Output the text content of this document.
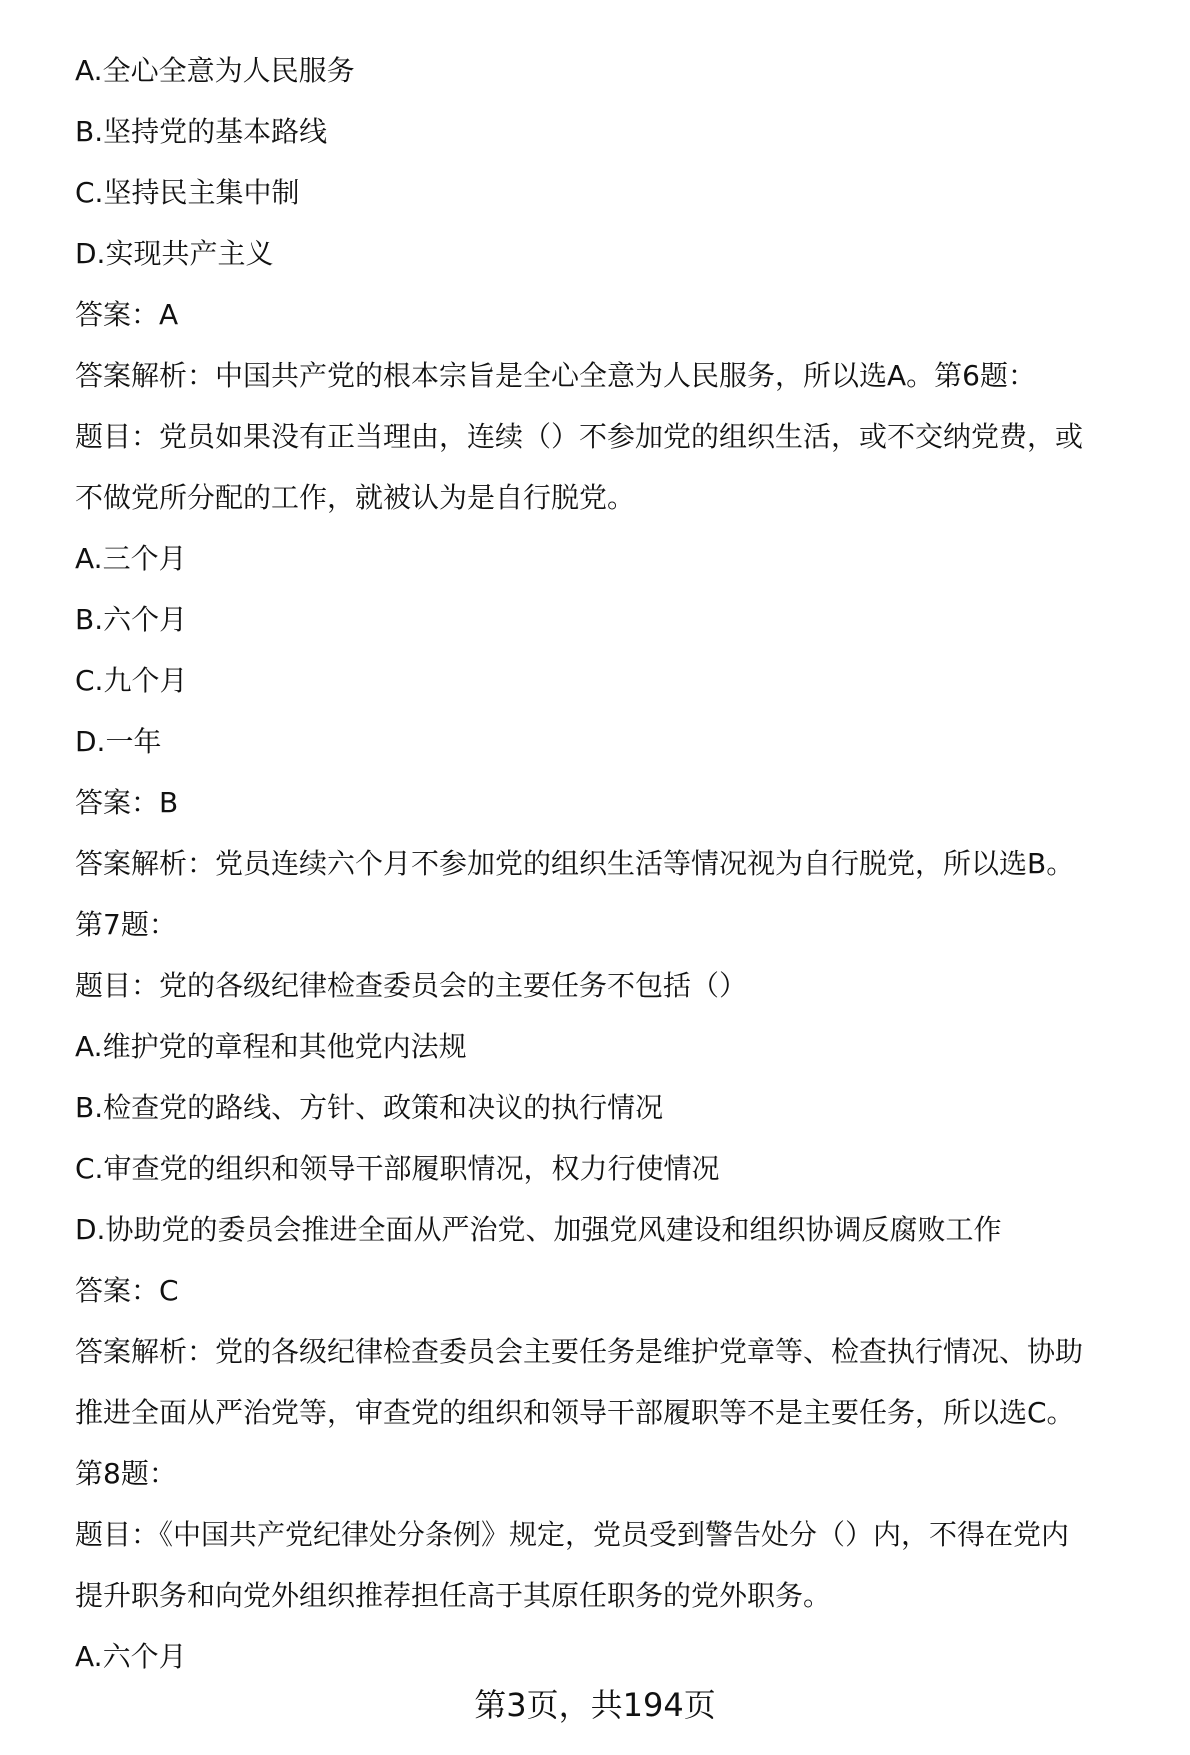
A.全心全意为人民服务
B.坚持党的基本路线
C.坚持民主集中制
D.实现共产主义
答案：A
答案解析：中国共产党的根本宗旨是全心全意为人民服务，所以选A。第6题：
题目：党员如果没有正当理由，连续（）不参加党的组织生活，或不交纳党费，或
不做党所分配的工作，就被认为是自行脱党。
A.三个月
B.六个月
C.九个月
D.一年
答案：B
答案解析：党员连续六个月不参加党的组织生活等情况视为自行脱党，所以选B。
第7题：
题目：党的各级纪律检查委员会的主要任务不包括（）
A.维护党的章程和其他党内法规
B.检查党的路线、方针、政策和决议的执行情况
C.审查党的组织和领导干部履职情况，权力行使情况
D.协助党的委员会推进全面从严治党、加强党风建设和组织协调反腐败工作
答案：C
答案解析：党的各级纪律检查委员会主要任务是维护党章等、检查执行情况、协助
推进全面从严治党等，审查党的组织和领导干部履职等不是主要任务，所以选C。
第8题：
题目：《中国共产党纪律处分条例》规定，党员受到警告处分（）内，不得在党内
提升职务和向党外组织推荐担任高于其原任职务的党外职务。
A.六个月
第3页，共194页
